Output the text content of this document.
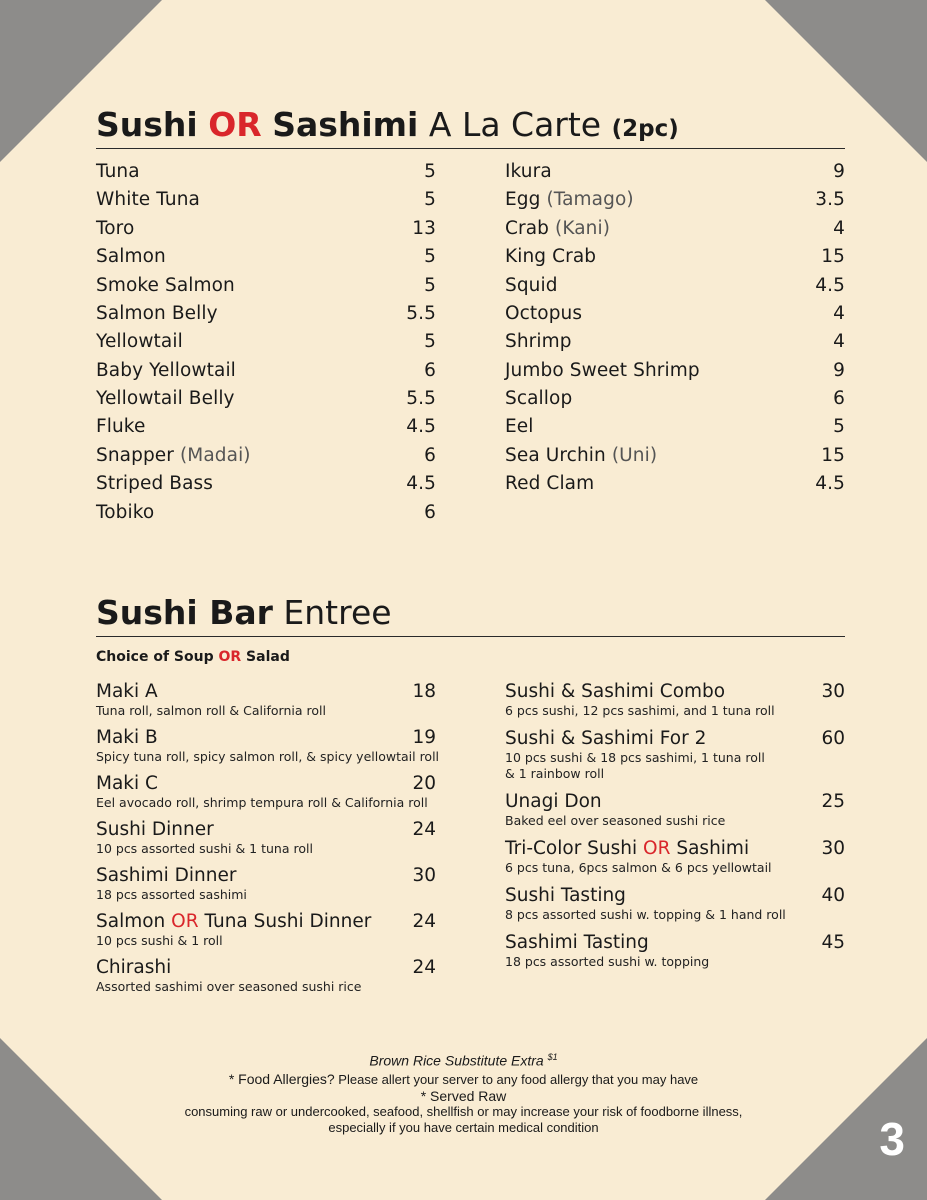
3
Sushi OR Sashimi A La Carte (2pc)
Tuna	5
White Tuna	5
Toro	13
Salmon	5
Smoke Salmon	5
Salmon Belly	5.5
Yellowtail	5
Baby Yellowtail	6
Yellowtail Belly	5.5
Fluke	4.5
Snapper (Madai)	6
Striped Bass	4.5
Tobiko	6
Ikura	9
Egg (Tamago)	3.5
Crab (Kani)	4
King Crab	15
Squid	4.5
Octopus	4
Shrimp	4
Jumbo Sweet Shrimp	9
Scallop	6
Eel	5
Sea Urchin (Uni)	15
Red Clam	4.5
Sushi Bar Entree
Choice of Soup OR Salad
Maki A	18
Tuna roll, salmon roll & California roll
Maki B	19
Spicy tuna roll, spicy salmon roll, & spicy yellowtail roll
Maki C	20
Eel avocado roll, shrimp tempura roll & California roll
Sushi Dinner	24
10 pcs assorted sushi & 1 tuna roll
Sashimi Dinner	30
18 pcs assorted sashimi
Salmon OR Tuna Sushi Dinner 24
10 pcs sushi & 1 roll
Chirashi	24
Assorted sashimi over seasoned sushi rice
Sushi & Sashimi Combo	30
6 pcs sushi, 12 pcs sashimi, and 1 tuna roll
Sushi & Sashimi For 2	60
10 pcs sushi & 18 pcs sashimi, 1 tuna roll
& 1 rainbow roll
Unagi Don	25
Baked eel over seasoned sushi rice
Tri-Color Sushi OR Sashimi	30
6 pcs tuna, 6pcs salmon & 6 pcs yellowtail
Sushi Tasting	40
8 pcs assorted sushi w. topping & 1 hand roll
Sashimi Tasting	45
18 pcs assorted sushi w. topping
Brown Rice Substitute Extra $^{\$1}$
* Food Allergies? Please allert your server to any food allergy that you may have
* Served Raw
consuming raw or undercooked, seafood, shellfish or may increase your risk of foodborne illness,
especially if you have certain medical condition
